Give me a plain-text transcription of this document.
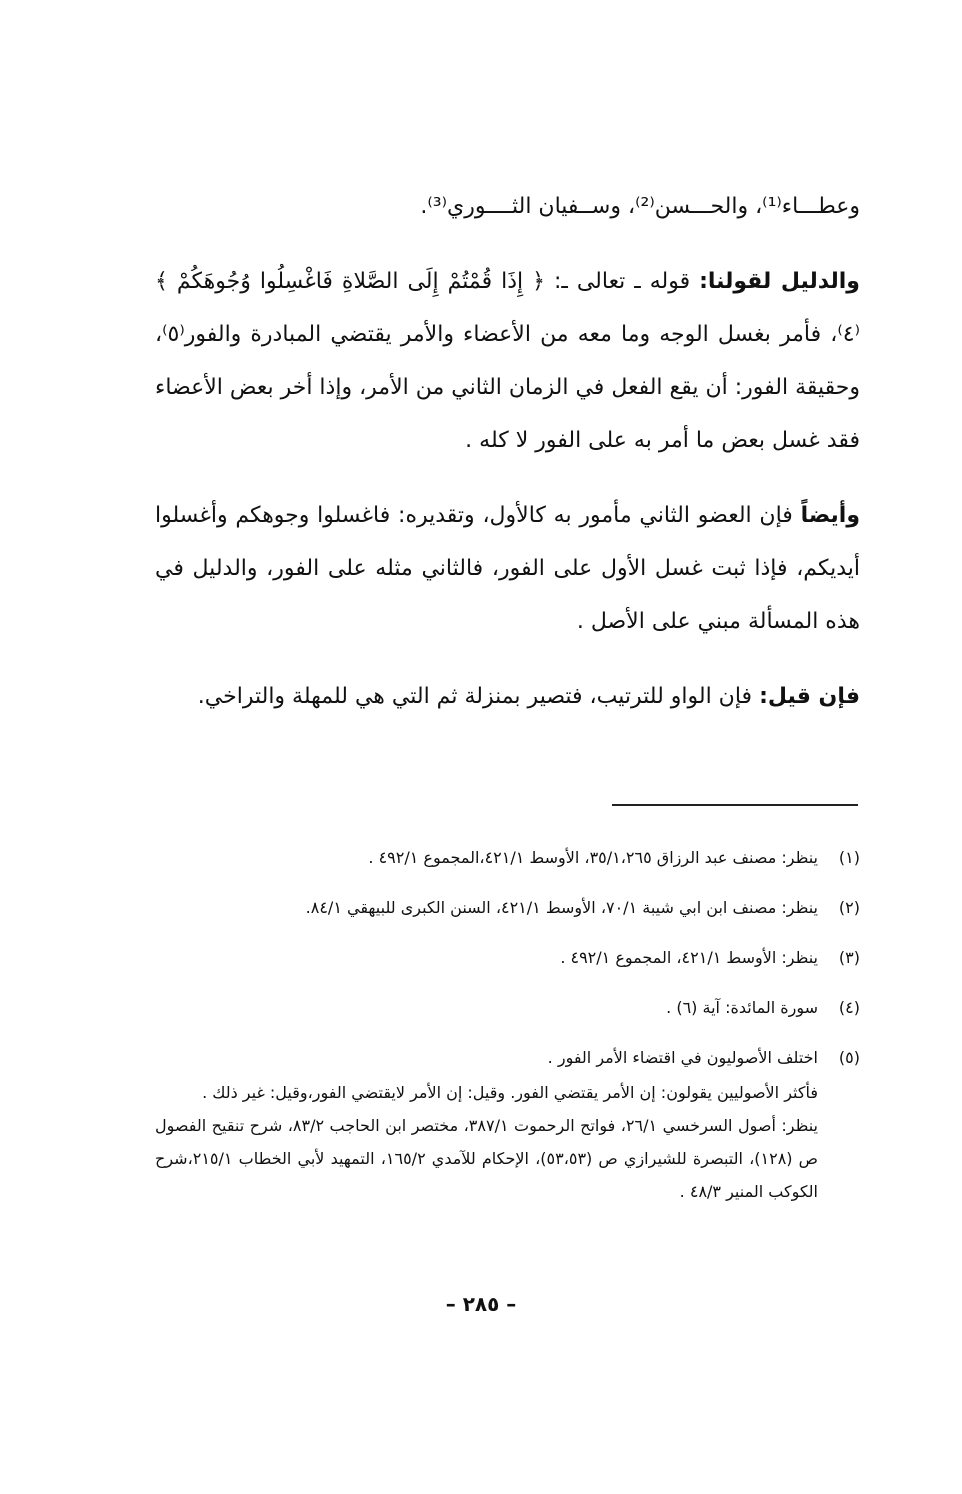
وعطـــاء⁽¹⁾، والحـــسن⁽²⁾، وســفيان الثــــوري⁽³⁾.

والدليل لقولنا: قوله ـ تعالى ـ: ﴿ إِذَا قُمْتُمْ إِلَى الصَّلاةِ فَاغْسِلُوا وُجُوهَكُمْ ﴾⁽٤⁾، فأمر بغسل الوجه وما معه من الأعضاء والأمر يقتضي المبادرة والفور⁽٥⁾، وحقيقة الفور: أن يقع الفعل في الزمان الثاني من الأمر، وإذا أخر بعض الأعضاء فقد غسل بعض ما أمر به على الفور لا كله .

وأيضاً فإن العضو الثاني مأمور به كالأول، وتقديره: فاغسلوا وجوهكم وأغسلوا أيديكم، فإذا ثبت غسل الأول على الفور، فالثاني مثله على الفور، والدليل في هذه المسألة مبني على الأصل .

فإن قيل: فإن الواو للترتيب، فتصير بمنزلة ثم التي هي للمهلة والتراخي.

(١)
ينظر: مصنف عبد الرزاق ٣٥/١،٢٦٥، الأوسط ٤٢١/١،المجموع ٤٩٢/١ .
(٢)
ينظر: مصنف ابن ابي شيبة ٧٠/١، الأوسط ٤٢١/١، السنن الكبرى للبيهقي ٨٤/١.
(٣)
ينظر: الأوسط ٤٢١/١، المجموع ٤٩٢/١ .
(٤)
سورة المائدة: آية (٦) .
(٥)
اختلف الأصوليون في اقتضاء الأمر الفور .
فأكثر الأصوليين يقولون: إن الأمر يقتضي الفور. وقيل: إن الأمر لايقتضي الفور،وقيل: غير ذلك .
ينظر: أصول السرخسي ٢٦/١، فواتح الرحموت ٣٨٧/١، مختصر ابن الحاجب ٨٣/٢، شرح تنقيح الفصول ص (١٢٨)، التبصرة للشيرازي ص (٥٣،٥٣)، الإحكام للآمدي ١٦٥/٢، التمهيد لأبي الخطاب ٢١٥/١،شرح الكوكب المنير ٤٨/٣ .
– ٢٨٥ –
